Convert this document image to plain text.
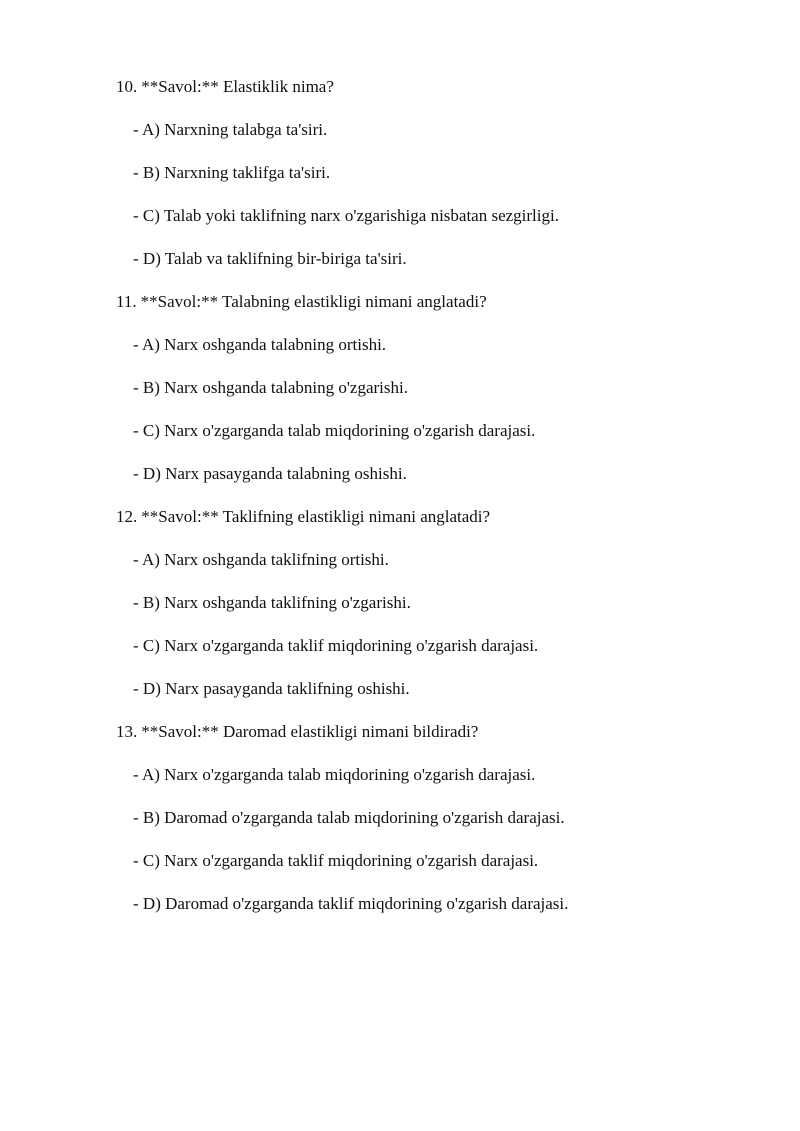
10. **Savol:** Elastiklik nima?
- A) Narxning talabga ta'siri.
- B) Narxning taklifga ta'siri.
- C) Talab yoki taklifning narx o'zgarishiga nisbatan sezgirligi.
- D) Talab va taklifning bir-biriga ta'siri.
11. **Savol:** Talabning elastikligi nimani anglatadi?
- A) Narx oshganda talabning ortishi.
- B) Narx oshganda talabning o'zgarishi.
- C) Narx o'zgarganda talab miqdorining o'zgarish darajasi.
- D) Narx pasayganda talabning oshishi.
12. **Savol:** Taklifning elastikligi nimani anglatadi?
- A) Narx oshganda taklifning ortishi.
- B) Narx oshganda taklifning o'zgarishi.
- C) Narx o'zgarganda taklif miqdorining o'zgarish darajasi.
- D) Narx pasayganda taklifning oshishi.
13. **Savol:** Daromad elastikligi nimani bildiradi?
- A) Narx o'zgarganda talab miqdorining o'zgarish darajasi.
- B) Daromad o'zgarganda talab miqdorining o'zgarish darajasi.
- C) Narx o'zgarganda taklif miqdorining o'zgarish darajasi.
- D) Daromad o'zgarganda taklif miqdorining o'zgarish darajasi.
